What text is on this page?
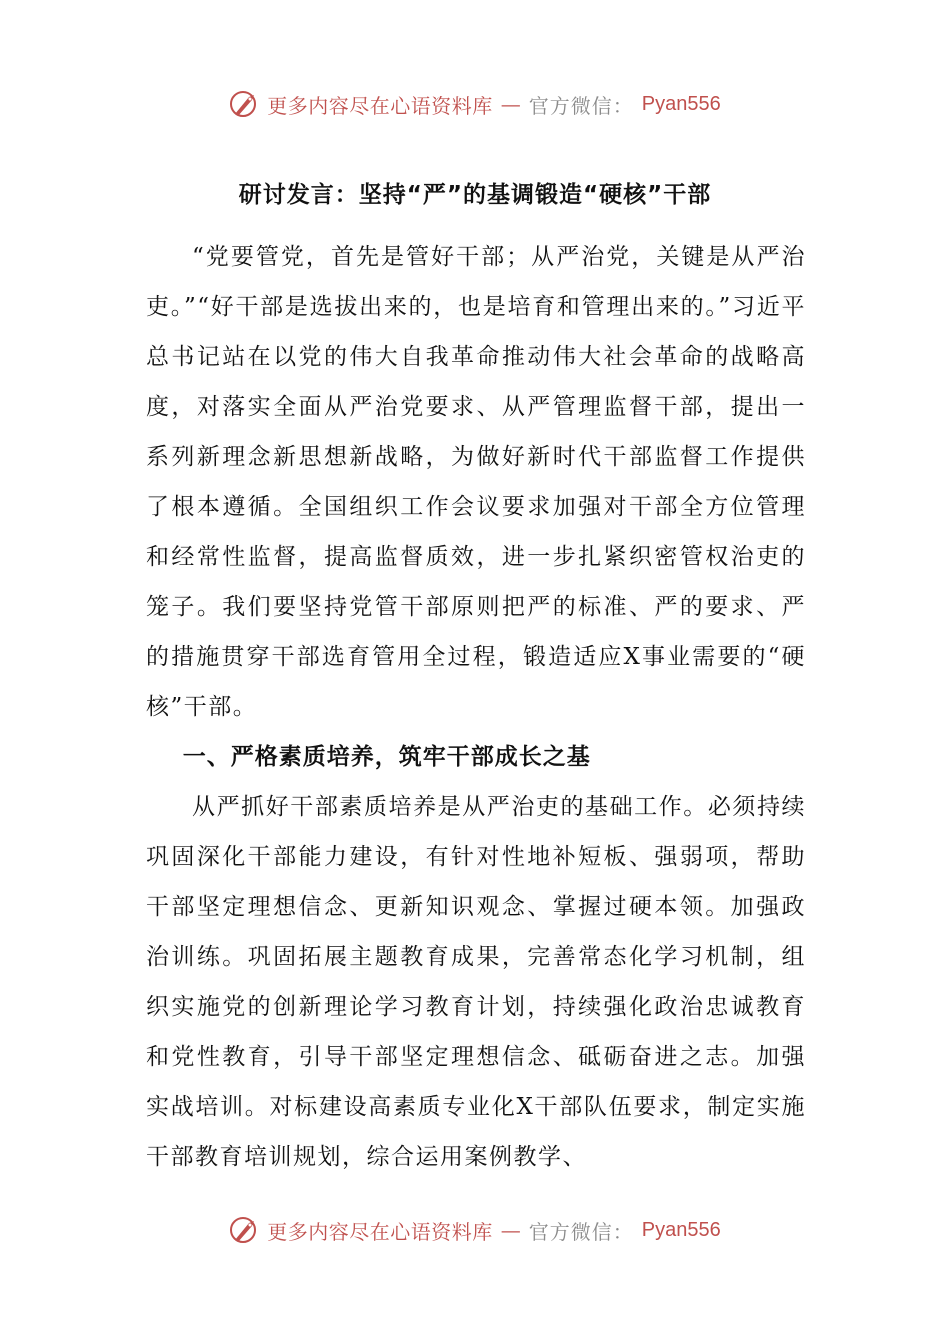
更多内容尽在心语资料库 — 官方微信： Pyan556
研讨发言：坚持“严”的基调锻造“硬核”干部

“党要管党，首先是管好干部；从严治党，关键是从严治吏。”“好干部是选拔出来的，也是培育和管理出来的。”习近平总书记站在以党的伟大自我革命推动伟大社会革命的战略高度，对落实全面从严治党要求、从严管理监督干部，提出一系列新理念新思想新战略，为做好新时代干部监督工作提供了根本遵循。全国组织工作会议要求加强对干部全方位管理和经常性监督，提高监督质效，进一步扎紧织密管权治吏的笼子。我们要坚持党管干部原则把严的标准、严的要求、严的措施贯穿干部选育管用全过程，锻造适应X事业需要的“硬核”干部。

一、严格素质培养，筑牢干部成长之基

从严抓好干部素质培养是从严治吏的基础工作。必须持续巩固深化干部能力建设，有针对性地补短板、强弱项，帮助干部坚定理想信念、更新知识观念、掌握过硬本领。加强政治训练。巩固拓展主题教育成果，完善常态化学习机制，组织实施党的创新理论学习教育计划，持续强化政治忠诚教育和党性教育，引导干部坚定理想信念、砥砺奋进之志。加强实战培训。对标建设高素质专业化X干部队伍要求，制定实施干部教育培训规划，综合运用案例教学、

更多内容尽在心语资料库 — 官方微信： Pyan556
